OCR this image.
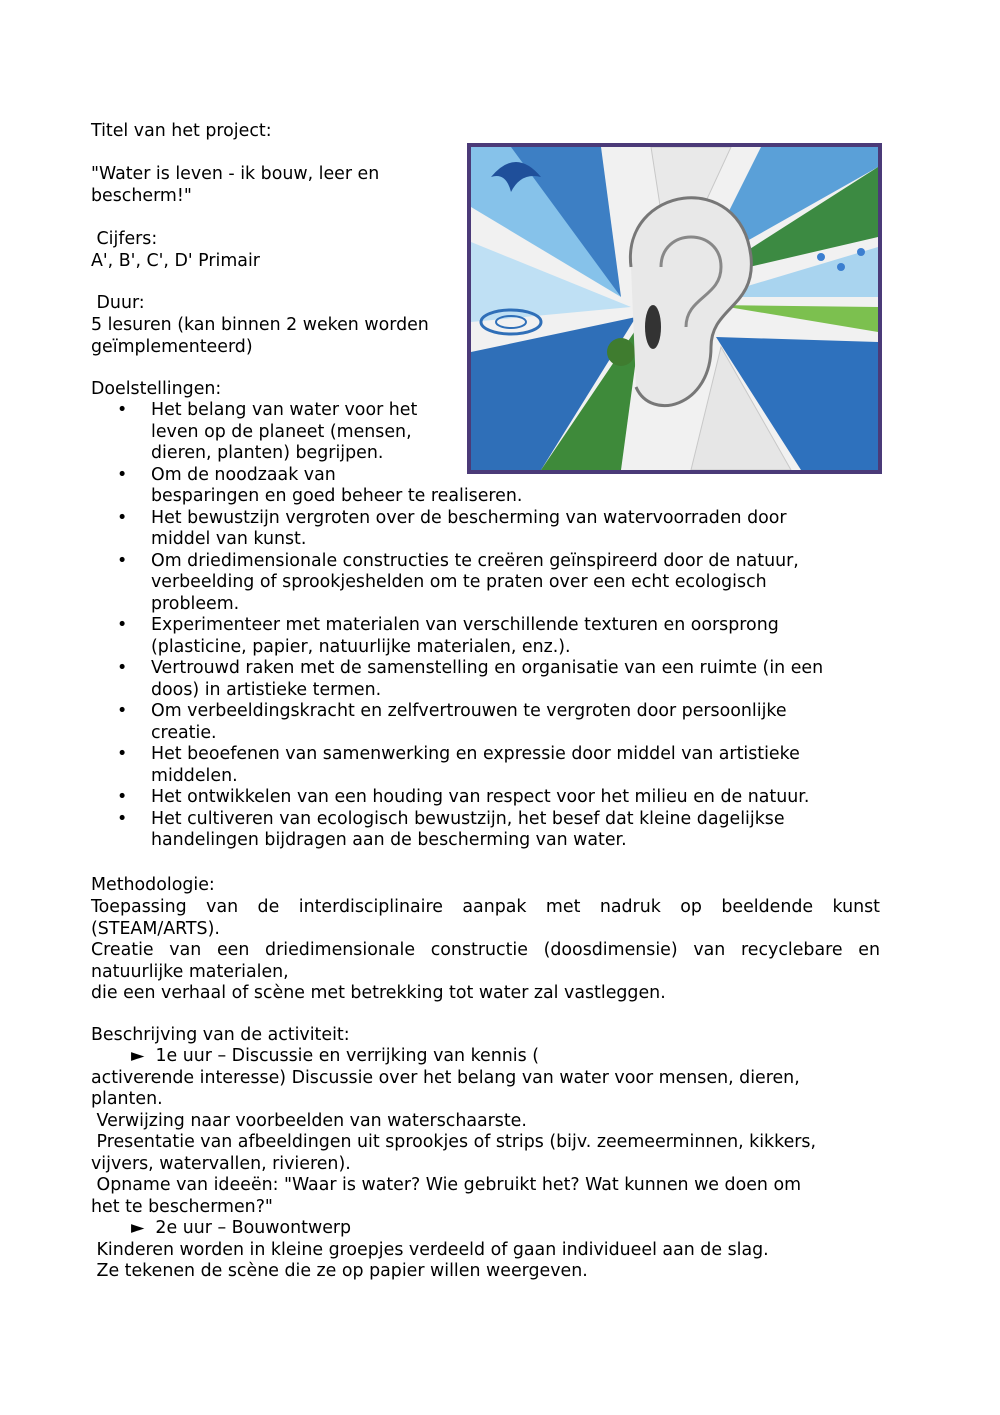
Titel van het project:

"Water is leven - ik bouw, leer en

bescherm!"

Cijfers:

A', B', C', D' Primair

Duur:

5 lesuren (kan binnen 2 weken worden

geïmplementeerd)

Doelstellingen:

• Het belang van water voor het
leven op de planeet (mensen,
dieren, planten) begrijpen.
• Om de noodzaak van
besparingen en goed beheer te realiseren.
• Het bewustzijn vergroten over de bescherming van watervoorraden door
middel van kunst.
• Om driedimensionale constructies te creëren geïnspireerd door de natuur,
verbeelding of sprookjeshelden om te praten over een echt ecologisch
probleem.
• Experimenteer met materialen van verschillende texturen en oorsprong
(plasticine, papier, natuurlijke materialen, enz.).
• Vertrouwd raken met de samenstelling en organisatie van een ruimte (in een
doos) in artistieke termen.
• Om verbeeldingskracht en zelfvertrouwen te vergroten door persoonlijke
creatie.
• Het beoefenen van samenwerking en expressie door middel van artistieke
middelen.
• Het ontwikkelen van een houding van respect voor het milieu en de natuur.
• Het cultiveren van ecologisch bewustzijn, het besef dat kleine dagelijkse
handelingen bijdragen aan de bescherming van water.

Methodologie:

Toepassing van de interdisciplinaire aanpak met nadruk op beeldende kunst (STEAM/ARTS).

Creatie van een driedimensionale constructie (doosdimensie) van recyclebare en natuurlijke materialen,

die een verhaal of scène met betrekking tot water zal vastleggen.

Beschrijving van de activiteit:

► 1e uur – Discussie en verrijking van kennis (

activerende interesse) Discussie over het belang van water voor mensen, dieren,

planten.

Verwijzing naar voorbeelden van waterschaarste.

Presentatie van afbeeldingen uit sprookjes of strips (bijv. zeemeerminnen, kikkers,

vijvers, watervallen, rivieren).

Opname van ideeën: "Waar is water? Wie gebruikt het? Wat kunnen we doen om

het te beschermen?"

►  2e uur – Bouwontwerp

Kinderen worden in kleine groepjes verdeeld of gaan individueel aan de slag.

Ze tekenen de scène die ze op papier willen weergeven.
